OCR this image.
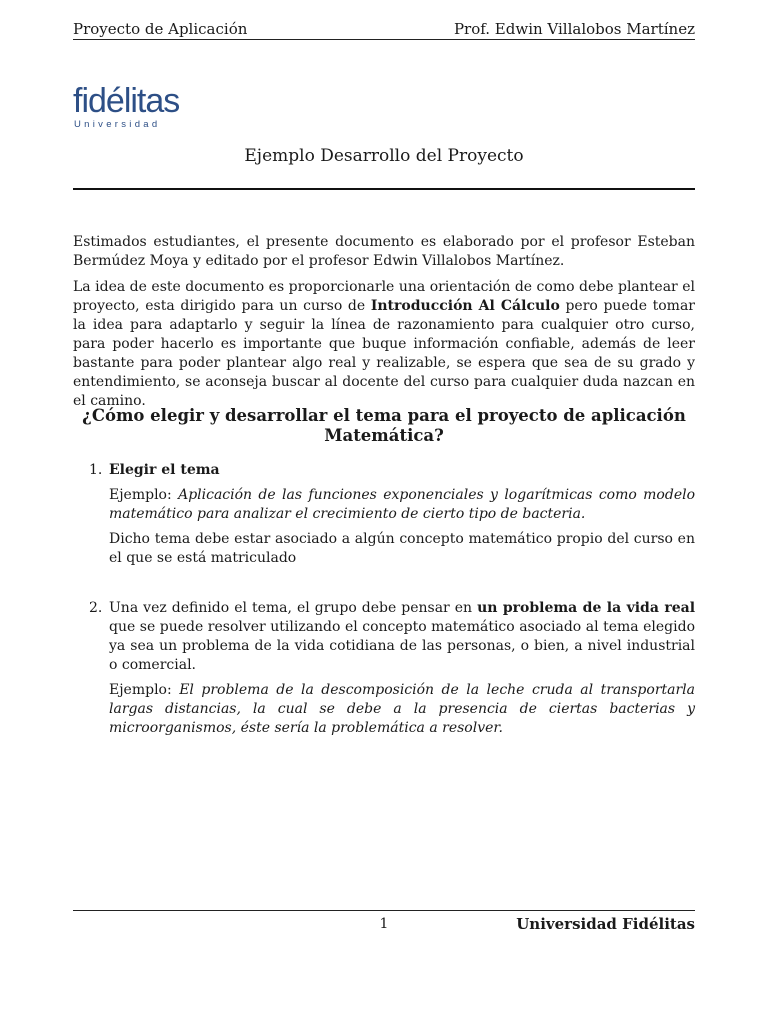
Proyecto de Aplicación	Prof. Edwin Villalobos Martínez
fidélitas
Universidad
Ejemplo Desarrollo del Proyecto
Estimados estudiantes, el presente documento es elaborado por el profesor Esteban Bermúdez Moya y editado por el profesor Edwin Villalobos Martínez.
La idea de este documento es proporcionarle una orientación de como debe plantear el proyecto, esta dirigido para un curso de Introducción Al Cálculo pero puede tomar la idea para adaptarlo y seguir la línea de razonamiento para cualquier otro curso, para poder hacerlo es importante que buque información confiable, además de leer bastante para poder plantear algo real y realizable, se espera que sea de su grado y entendimiento, se aconseja buscar al docente del curso para cualquier duda nazcan en el camino.
¿Cómo elegir y desarrollar el tema para el proyecto de aplicación Matemática?
1. Elegir el tema

Ejemplo: Aplicación de las funciones exponenciales y logarítmicas como modelo matemático para analizar el crecimiento de cierto tipo de bacteria.

Dicho tema debe estar asociado a algún concepto matemático propio del curso en el que se está matriculado

2. Una vez definido el tema, el grupo debe pensar en un problema de la vida real que se puede resolver utilizando el concepto matemático asociado al tema elegido ya sea un problema de la vida cotidiana de las personas, o bien, a nivel industrial o comercial.

Ejemplo: El problema de la descomposición de la leche cruda al transportarla largas distancias, la cual se debe a la presencia de ciertas bacterias y microorganismos, éste sería la problemática a resolver.

1	Universidad Fidélitas
